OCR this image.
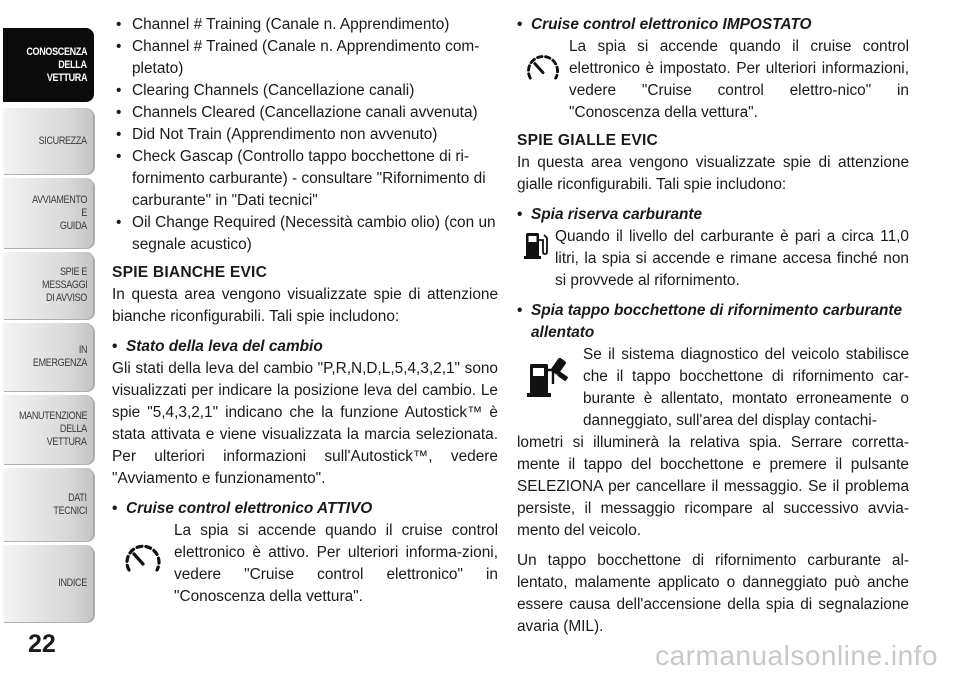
CONOSCENZA
DELLA
VETTURA
SICUREZZA
AVVIAMENTO
E
GUIDA
SPIE E
MESSAGGI
DI AVVISO
IN
EMERGENZA
MANUTENZIONE
DELLA
VETTURA
DATI
TECNICI
INDICE
22	carmanualsonline.info
• Channel # Training (Canale n. Apprendimento)
• Channel # Trained (Canale n. Apprendimento com-pletato)
• Clearing Channels (Cancellazione canali)
• Channels Cleared (Cancellazione canali avvenuta)
• Did Not Train (Apprendimento non avvenuto)
• Check Gascap (Controllo tappo bocchettone di ri-fornimento carburante) - consultare "Rifornimento di carburante" in "Dati tecnici"
• Oil Change Required (Necessità cambio olio) (con un segnale acustico)
SPIE BIANCHE EVIC

In questa area vengono visualizzate spie di attenzione bianche riconfigurabili. Tali spie includono:

• Stato della leva del cambio

Gli stati della leva del cambio "P,R,N,D,L,5,4,3,2,1" sono visualizzati per indicare la posizione leva del cambio. Le spie "5,4,3,2,1" indicano che la funzione Autostick™ è stata attivata e viene visualizzata la marcia selezionata. Per ulteriori informazioni sull'Autostick™, vedere "Avviamento e funzionamento".

• Cruise control elettronico ATTIVO

La spia si accende quando il cruise control elettronico è attivo. Per ulteriori informa-zioni, vedere "Cruise control elettronico" in "Conoscenza della vettura".

• Cruise control elettronico IMPOSTATO

La spia si accende quando il cruise control elettronico è impostato. Per ulteriori informazioni, vedere "Cruise control elettro-nico" in "Conoscenza della vettura".

SPIE GIALLE EVIC

In questa area vengono visualizzate spie di attenzione gialle riconfigurabili. Tali spie includono:

• Spia riserva carburante

Quando il livello del carburante è pari a circa 11,0 litri, la spia si accende e rimane accesa finché non si provvede al rifornimento.

• Spia tappo bocchettone di rifornimento carburante allentato

Se il sistema diagnostico del veicolo stabilisce che il tappo bocchettone di rifornimento car-burante è allentato, montato erroneamente o danneggiato, sull'area del display contachi-

lometri si illuminerà la relativa spia. Serrare corretta-mente il tappo del bocchettone e premere il pulsante SELEZIONA per cancellare il messaggio. Se il problema persiste, il messaggio ricompare al successivo avvia-mento del veicolo.

Un tappo bocchettone di rifornimento carburante al-lentato, malamente applicato o danneggiato può anche essere causa dell'accensione della spia di segnalazione avaria (MIL).
